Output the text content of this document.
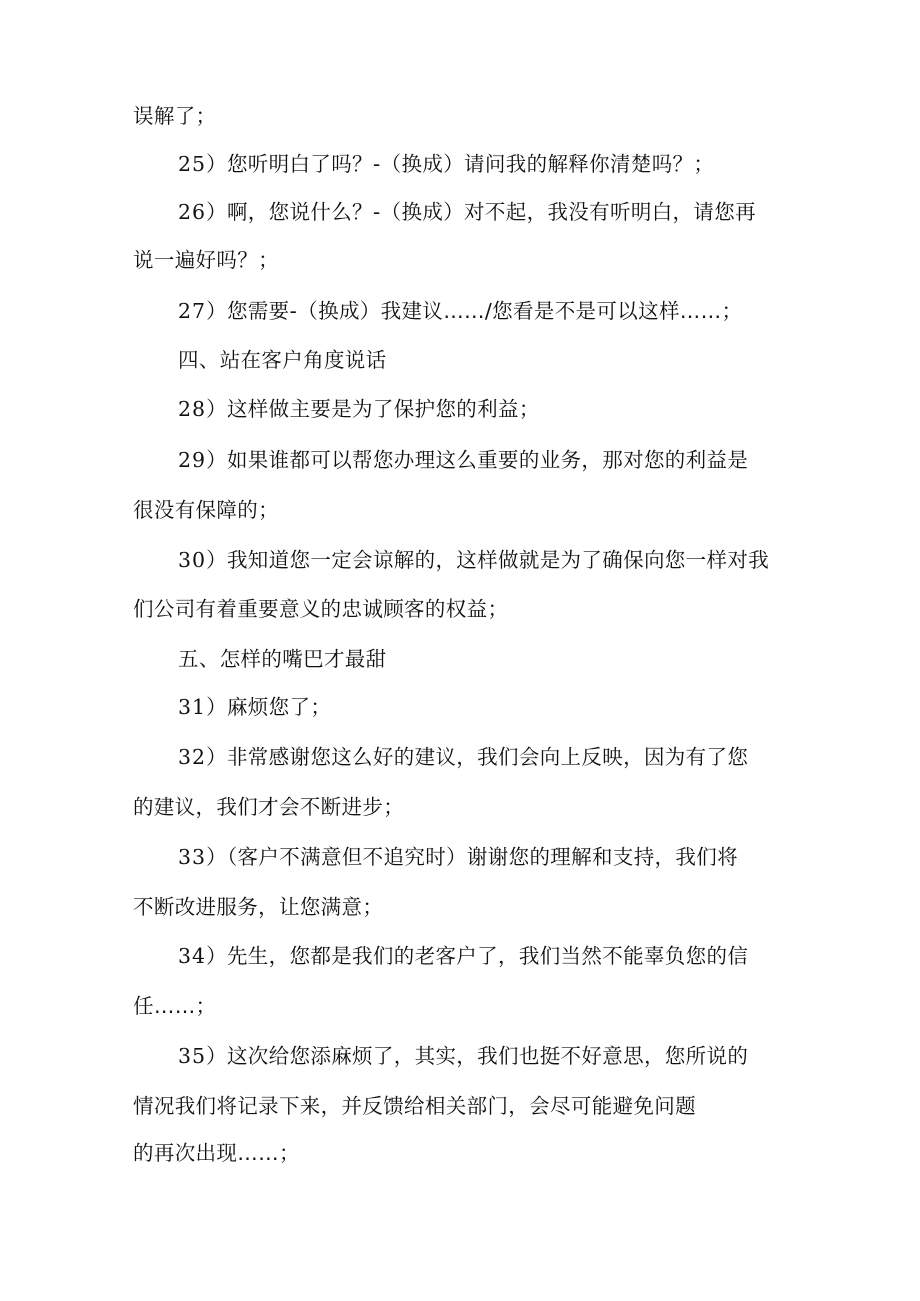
误解了；
25）您听明白了吗？-（换成）请问我的解释你清楚吗？；
26）啊，您说什么？-（换成）对不起，我没有听明白，请您再
说一遍好吗？；
27）您需要-（换成）我建议……/您看是不是可以这样……；
四、站在客户角度说话
28）这样做主要是为了保护您的利益；
29）如果谁都可以帮您办理这么重要的业务，那对您的利益是
很没有保障的；
30）我知道您一定会谅解的，这样做就是为了确保向您一样对我
们公司有着重要意义的忠诚顾客的权益；
五、怎样的嘴巴才最甜
31）麻烦您了；
32）非常感谢您这么好的建议，我们会向上反映，因为有了您
的建议，我们才会不断进步；
33）（客户不满意但不追究时）谢谢您的理解和支持，我们将
不断改进服务，让您满意；
34）先生，您都是我们的老客户了，我们当然不能辜负您的信
任……；
35）这次给您添麻烦了，其实，我们也挺不好意思，您所说的
情况我们将记录下来，并反馈给相关部门，会尽可能避免问题
的再次出现……；
